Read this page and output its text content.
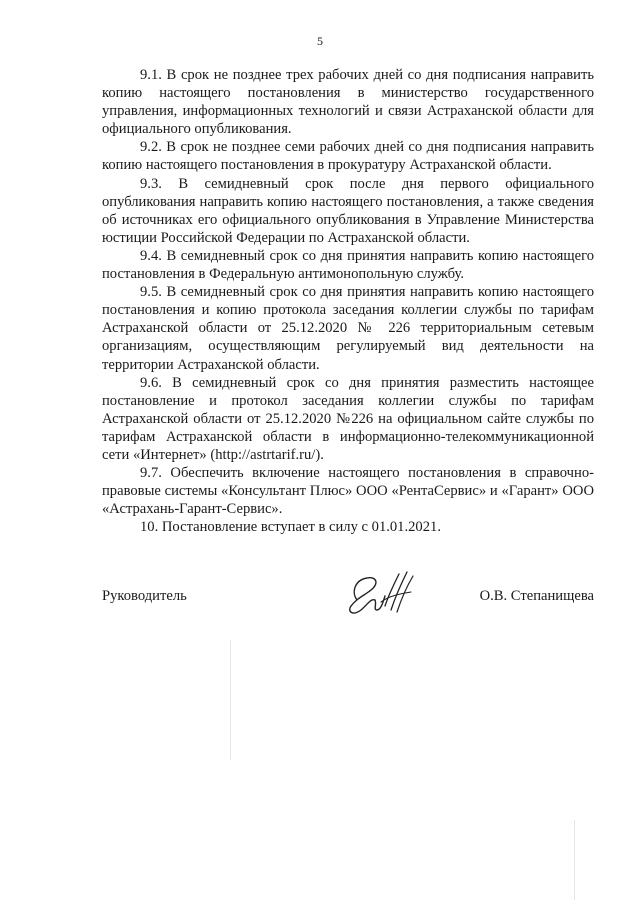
5

9.1. В срок не позднее трех рабочих дней со дня подписания направить копию настоящего постановления в министерство государственного управления, информационных технологий и связи Астраханской области для официального опубликования.

9.2. В срок не позднее семи рабочих дней со дня подписания направить копию настоящего постановления в прокуратуру Астраханской области.

9.3. В семидневный срок после дня первого официального опубликования направить копию настоящего постановления, а также сведения об источниках его официального опубликования в Управление Министерства юстиции Российской Федерации по Астраханской области.

9.4. В семидневный срок со дня принятия направить копию настоящего постановления в Федеральную антимонопольную службу.

9.5. В семидневный срок со дня принятия направить копию настоящего постановления и копию протокола заседания коллегии службы по тарифам Астраханской области от 25.12.2020 № 226 территориальным сетевым организациям, осуществляющим регулируемый вид деятельности на территории Астраханской области.

9.6. В семидневный срок со дня принятия разместить настоящее постановление и протокол заседания коллегии службы по тарифам Астраханской области от 25.12.2020 №226 на официальном сайте службы по тарифам Астраханской области в информационно-телекоммуникационной сети «Интернет» (http://astrtarif.ru/).

9.7. Обеспечить включение настоящего постановления в справочно-правовые системы «Консультант Плюс» ООО «РентаСервис» и «Гарант» ООО «Астрахань-Гарант-Сервис».

10. Постановление вступает в силу с 01.01.2021.

Руководитель	О.В. Степанищева
